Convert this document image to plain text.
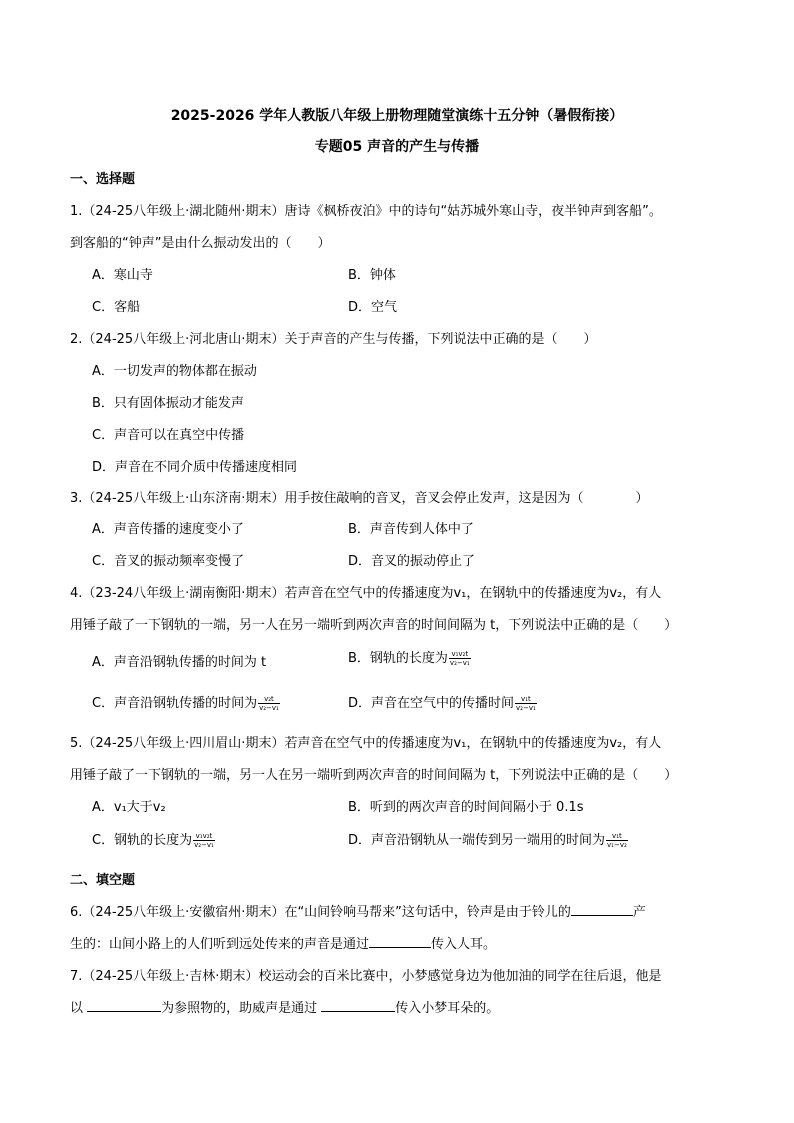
2025-2026 学年人教版八年级上册物理随堂演练十五分钟（暑假衔接）
专题05 声音的产生与传播
一、选择题
1.（24-25八年级上·湖北随州·期末）唐诗《枫桥夜泊》中的诗句“姑苏城外寒山寺，夜半钟声到客船”。
到客船的“钟声”是由什么振动发出的（　　）
A．寒山寺	B．钟体
C．客船	D．空气
2.（24-25八年级上·河北唐山·期末）关于声音的产生与传播，下列说法中正确的是（　　）
A．一切发声的物体都在振动
B．只有固体振动才能发声
C．声音可以在真空中传播
D．声音在不同介质中传播速度相同
3.（24-25八年级上·山东济南·期末）用手按住敲响的音叉，音叉会停止发声，这是因为（　　　　）
A．声音传播的速度变小了	B．声音传到人体中了
C．音叉的振动频率变慢了	D．音叉的振动停止了
4.（23-24八年级上·湖南衡阳·期末）若声音在空气中的传播速度为v₁，在钢轨中的传播速度为v₂，有人
用锤子敲了一下钢轨的一端，另一人在另一端听到两次声音的时间间隔为 t，下列说法中正确的是（　　）
A．声音沿钢轨传播的时间为 t	B．钢轨的长度为 $\frac{\text{v₁v₂t}}{\text{v₂−v₁}}$
C．声音沿钢轨传播的时间为 $\frac{\text{v₂t}}{\text{v₂−v₁}}$	D．声音在空气中的传播时间 $\frac{\text{v₁t}}{\text{v₂−v₁}}$
5.（24-25八年级上·四川眉山·期末）若声音在空气中的传播速度为v₁，在钢轨中的传播速度为v₂，有人
用锤子敲了一下钢轨的一端，另一人在另一端听到两次声音的时间间隔为 t，下列说法中正确的是（　　）
A．v₁大于v₂	B．听到的两次声音的时间间隔小于 0.1s
C．钢轨的长度为 $\frac{\text{v₁v₂t}}{\text{v₂−v₁}}$	D．声音沿钢轨从一端传到另一端用的时间为 $\frac{\text{v₁t}}{\text{v₁−v₂}}$
二、填空题
6.（24-25八年级上·安徽宿州·期末）在“山间铃响马帮来”这句话中，铃声是由于铃儿的	产
生的：山间小路上的人们听到远处传来的声音是通过	传入人耳。
7.（24-25八年级上·吉林·期末）校运动会的百米比赛中，小梦感觉身边为他加油的同学在往后退，他是
以	为参照物的，助威声是通过	传入小梦耳朵的。
